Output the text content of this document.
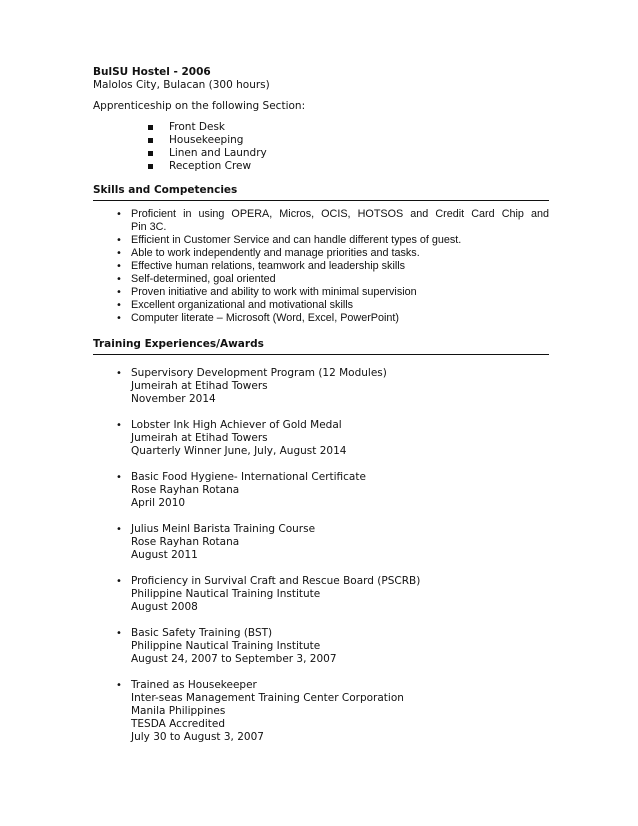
BulSU Hostel - 2006
Malolos City, Bulacan (300 hours)
Apprenticeship on the following Section:
Front Desk
Housekeeping
Linen and Laundry
Reception Crew
Skills and Competencies
• Proficient in using OPERA, Micros, OCIS, HOTSOS and Credit Card Chip and
Pin 3C.
• Efficient in Customer Service and can handle different types of guest.
• Able to work independently and manage priorities and tasks.
• Effective human relations, teamwork and leadership skills
• Self-determined, goal oriented
• Proven initiative and ability to work with minimal supervision
• Excellent organizational and motivational skills
• Computer literate – Microsoft (Word, Excel, PowerPoint)
Training Experiences/Awards
• Supervisory Development Program (12 Modules)
Jumeirah at Etihad Towers
November 2014
• Lobster Ink High Achiever of Gold Medal
Jumeirah at Etihad Towers
Quarterly Winner June, July, August 2014
• Basic Food Hygiene- International Certificate
Rose Rayhan Rotana
April 2010
• Julius Meinl Barista Training Course
Rose Rayhan Rotana
August 2011
• Proficiency in Survival Craft and Rescue Board (PSCRB)
Philippine Nautical Training Institute
August 2008
• Basic Safety Training (BST)
Philippine Nautical Training Institute
August 24, 2007 to September 3, 2007
• Trained as Housekeeper
Inter-seas Management Training Center Corporation
Manila Philippines
TESDA Accredited
July 30 to August 3, 2007
